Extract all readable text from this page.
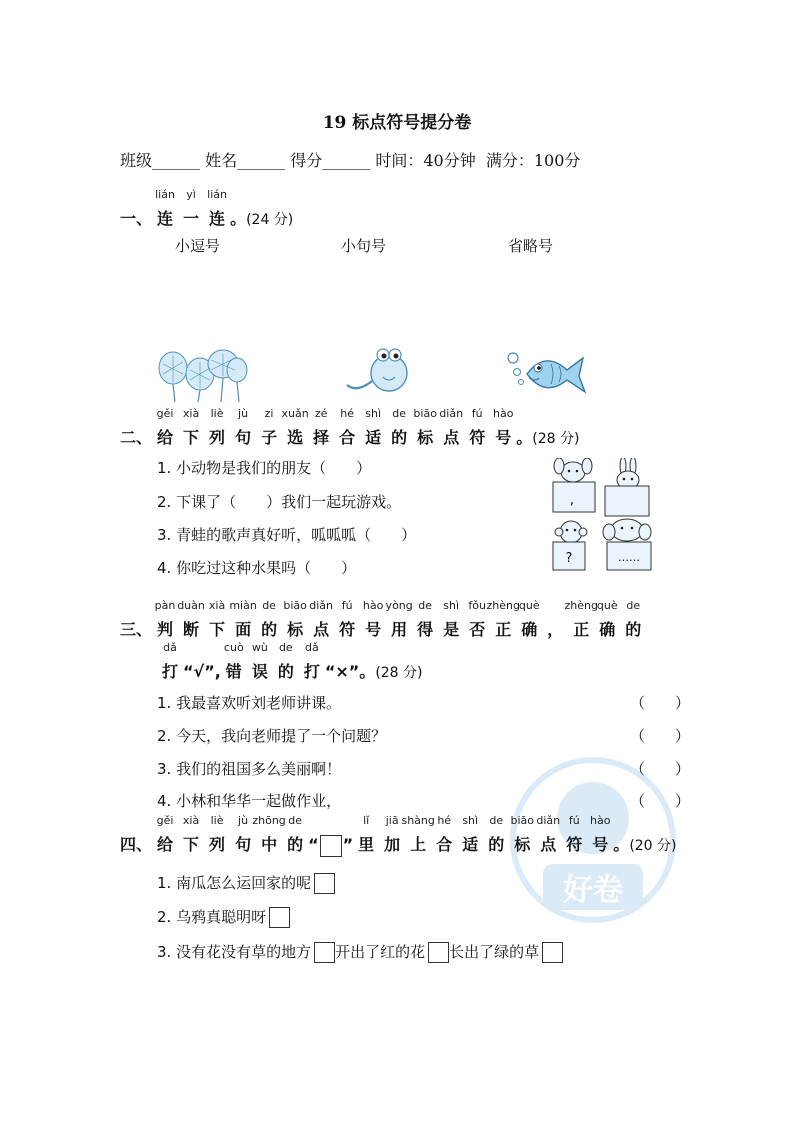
19 标点符号提分卷
班级______ 姓名______ 得分______ 时间：40分钟 满分：100分
一、
lián
连
yì
一
lián
连 。(24 分)
小逗号	小句号	省略号
二、
gěi
给
xià
下
liè
列
jù
句
zi
子
xuǎn
选
zé
择
hé
合
shì
适
de
的
biāo
标
diǎn
点
fú
符
hào
号 。(28 分)
1. 小动物是我们的朋友（　　）
2. 下课了（　　）我们一起玩游戏。
3. 青蛙的歌声真好听，呱呱呱（　　）
4. 你吃过这种水果吗（　　）
,
?	……
三、
pàn
判
duàn
断
xià
下
miàn
面
de
的
biāo
标
diǎn
点
fú
符
hào
号
yòng
用
de
得
shì
是
fǒu
否
zhèng
正
què
确 ，
zhèng
正
què
确
de
的
dǎ
打 “√”,
cuò
错
wù
误
de
的
dǎ
打 “×”。(28 分)
1. 我最喜欢听刘老师讲课。	（　　）
2. 今天，我向老师提了一个问题？	（　　）
3. 我们的祖国多么美丽啊！	（　　）
4. 小林和华华一起做作业，	（　　）
好卷
四、
gěi
给
xià
下
liè
列
jù
句
zhōng
中
de
的 “ ”
lǐ
里
jiā
加
shàng
上
hé
合
shì
适
de
的
biāo
标
diǎn
点
fú
符
hào
号 。(20 分)
1. 南瓜怎么运回家的呢
2. 乌鸦真聪明呀
3. 没有花没有草的地方 开出了红的花 长出了绿的草
